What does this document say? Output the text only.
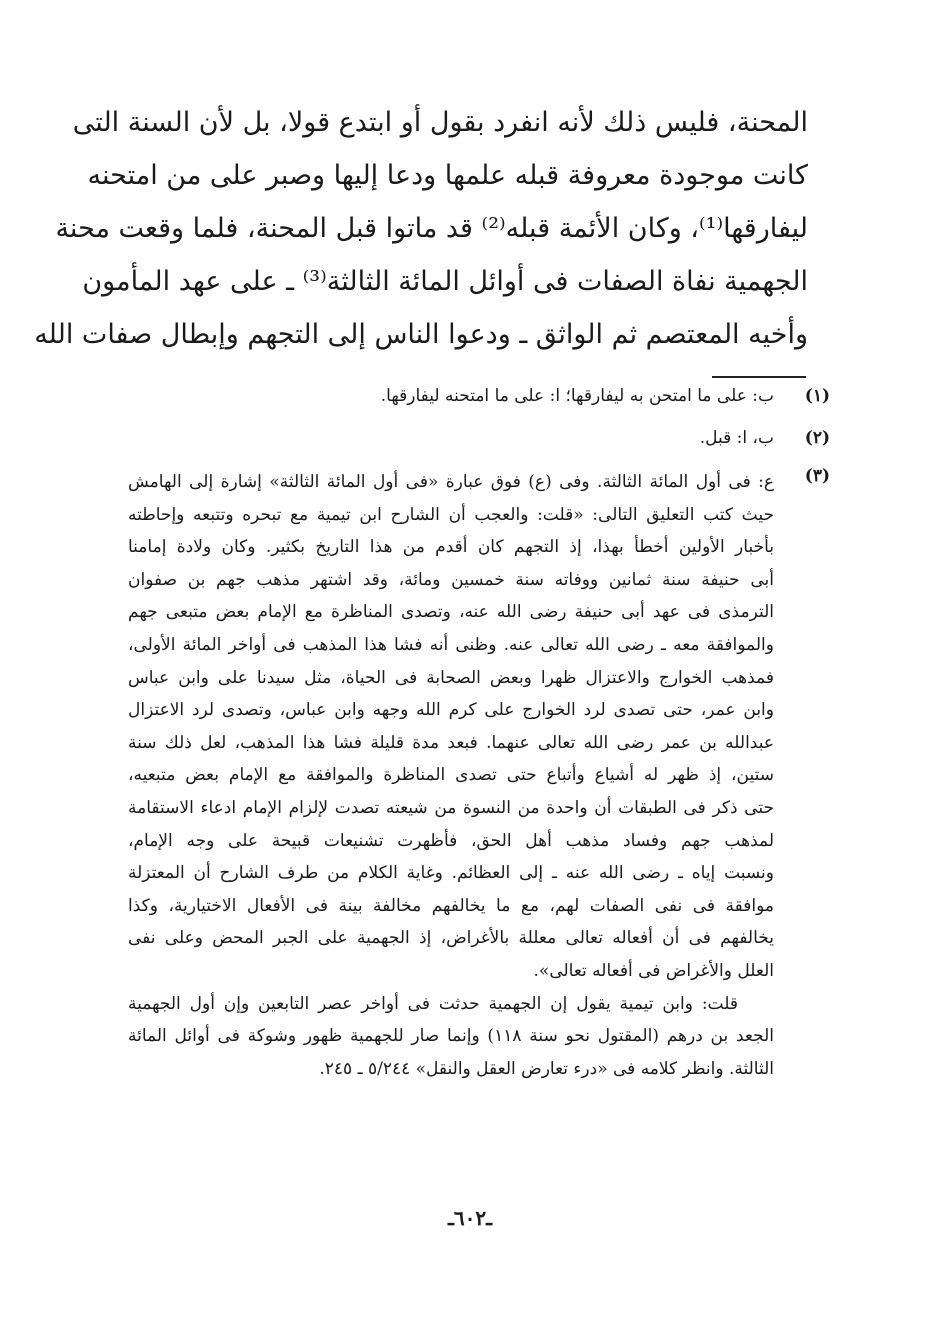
المحنة، فليس ذلك لأنه انفرد بقول أو ابتدع قولا، بل لأن السنة التى
كانت موجودة معروفة قبله علمها ودعا إليها وصبر على من امتحنه
ليفارقها⁽¹⁾، وكان الأئمة قبله⁽²⁾ قد ماتوا قبل المحنة، فلما وقعت محنة
الجهمية نفاة الصفات فى أوائل المائة الثالثة⁽³⁾ ـ على عهد المأمون
وأخيه المعتصم ثم الواثق ـ ودعوا الناس إلى التجهم وإبطال صفات الله
(١)
ب: على ما امتحن به ليفارقها؛ ا: على ما امتحنه ليفارقها.
(٢)
ب، ا: قبل.
(٣)
ع: فى أول المائة الثالثة. وفى (ع) فوق عبارة «فى أول المائة الثالثة» إشارة إلى الهامش
حيث كتب التعليق التالى: «قلت: والعجب أن الشارح ابن تيمية مع تبحره وتتبعه وإحاطته
بأخبار الأولين أخطأ بهذا، إذ التجهم كان أقدم من هذا التاريخ بكثير. وكان ولادة إمامنا
أبى حنيفة سنة ثمانين ووفاته سنة خمسين ومائة، وقد اشتهر مذهب جهم بن صفوان
الترمذى فى عهد أبى حنيفة رضى الله عنه، وتصدى المناظرة مع الإمام بعض متبعى جهم
والموافقة معه ـ رضى الله تعالى عنه. وظنى أنه فشا هذا المذهب فى أواخر المائة الأولى،
فمذهب الخوارج والاعتزال ظهرا وبعض الصحابة فى الحياة، مثل سيدنا على وابن عباس
وابن عمر، حتى تصدى لرد الخوارج على كرم الله وجهه وابن عباس، وتصدى لرد الاعتزال
عبدالله بن عمر رضى الله تعالى عنهما. فبعد مدة قليلة فشا هذا المذهب، لعل ذلك سنة
ستين، إذ ظهر له أشياع وأتباع حتى تصدى المناظرة والموافقة مع الإمام بعض متبعيه،
حتى ذكر فى الطبقات أن واحدة من النسوة من شيعته تصدت لإلزام الإمام ادعاء الاستقامة
لمذهب جهم وفساد مذهب أهل الحق، فأظهرت تشنيعات قبيحة على وجه الإمام،
ونسبت إياه ـ رضى الله عنه ـ إلى العظائم. وغاية الكلام من طرف الشارح أن المعتزلة
موافقة فى نفى الصفات لهم، مع ما يخالفهم مخالفة بينة فى الأفعال الاختيارية، وكذا
يخالفهم فى أن أفعاله تعالى معللة بالأغراض، إذ الجهمية على الجبر المحض وعلى نفى
العلل والأغراض فى أفعاله تعالى».
قلت: وابن تيمية يقول إن الجهمية حدثت فى أواخر عصر التابعين وإن أول الجهمية
الجعد بن درهم (المقتول نحو سنة ١١٨) وإنما صار للجهمية ظهور وشوكة فى أوائل المائة
الثالثة. وانظر كلامه فى «درء تعارض العقل والنقل» ٥/٢٤٤ ـ ٢٤٥.
ـ٦٠٢ـ
